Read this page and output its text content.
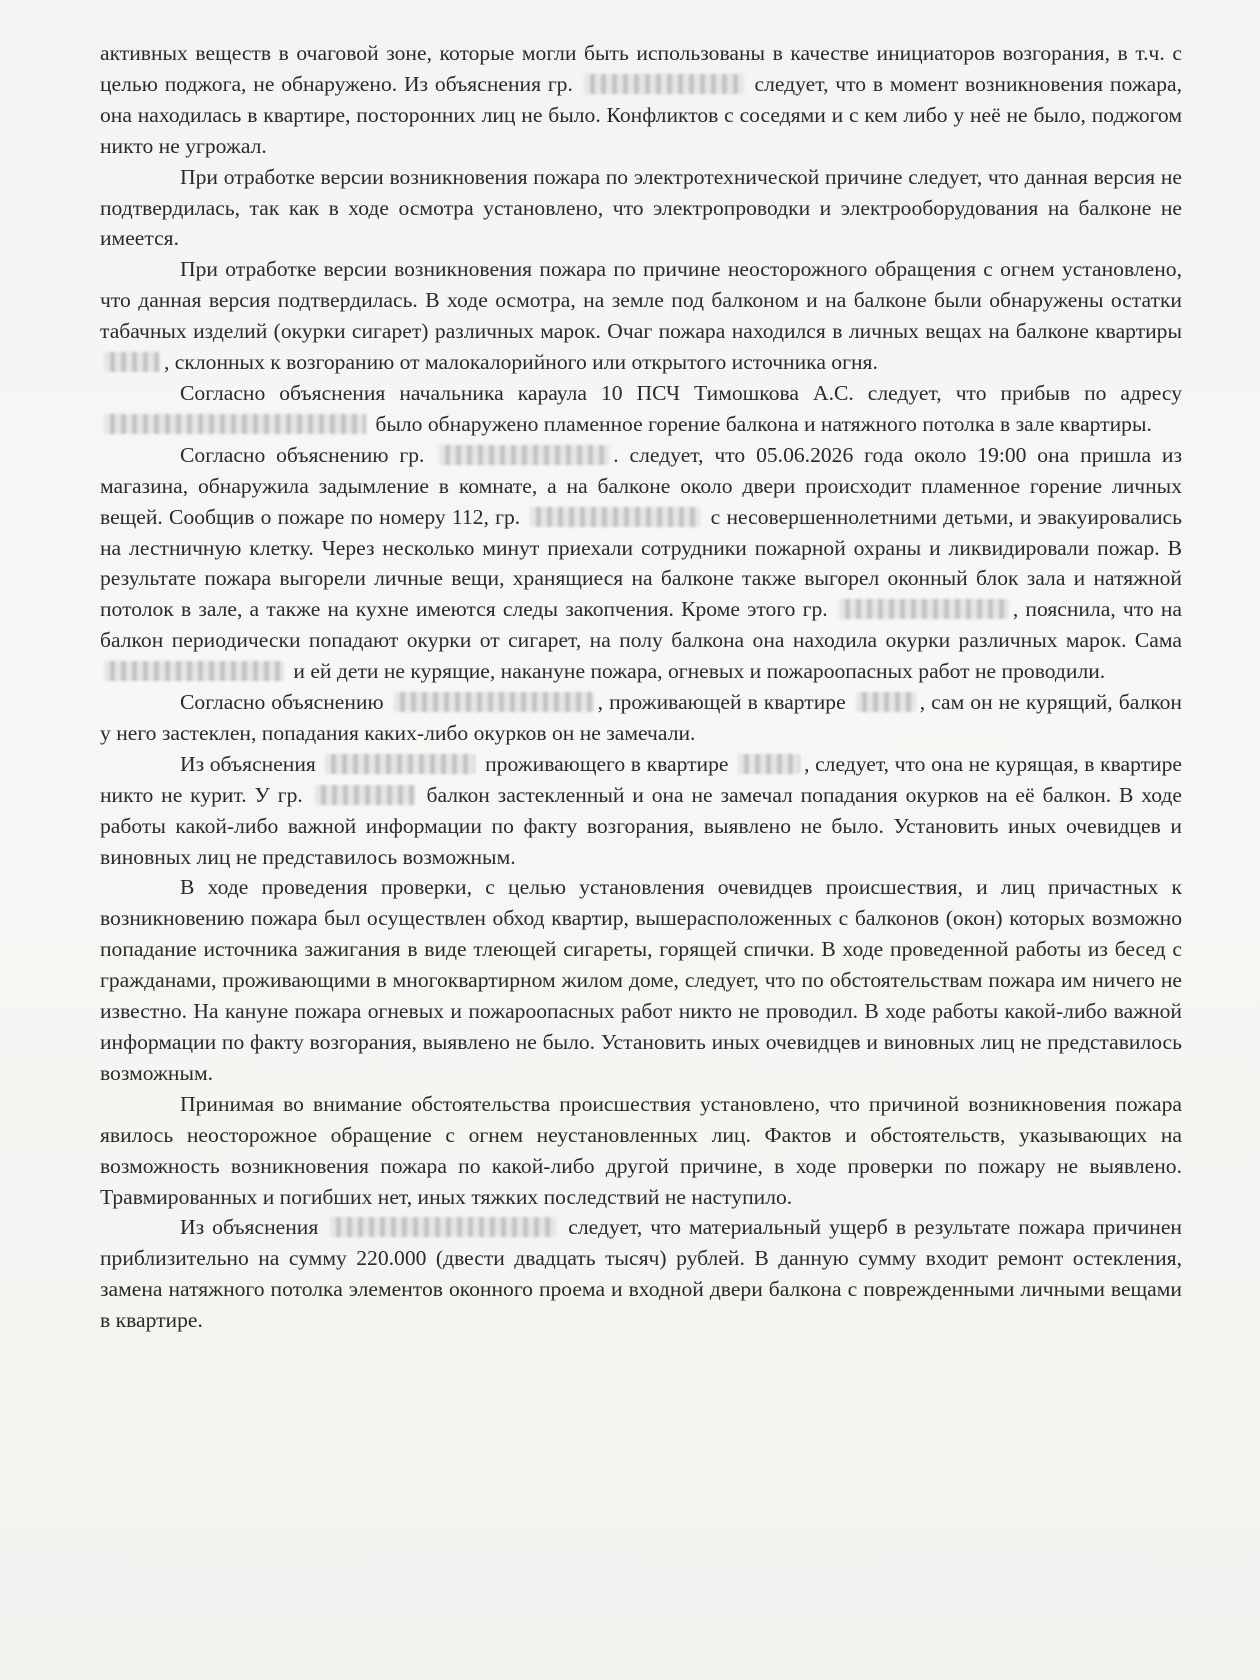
активных веществ в очаговой зоне, которые могли быть использованы в качестве инициаторов возгорания, в т.ч. с целью поджога, не обнаружено. Из объяснения гр.	следует, что в момент возникновения пожара, она находилась в квартире, посторонних лиц не было. Конфликтов с соседями и с кем либо у неё не было, поджогом никто не угрожал.

При отработке версии возникновения пожара по электротехнической причине следует, что данная версия не подтвердилась, так как в ходе осмотра установлено, что электропроводки и электрооборудования на балконе не имеется.

При отработке версии возникновения пожара по причине неосторожного обращения с огнем установлено, что данная версия подтвердилась. В ходе осмотра, на земле под балконом и на балконе были обнаружены остатки табачных изделий (окурки сигарет) различных марок. Очаг пожара находился в личных вещах на балконе квартиры , склонных к возгоранию от малокалорийного или открытого источника огня.

Согласно объяснения начальника караула 10 ПСЧ Тимошкова А.С. следует, что прибыв по адресу  было обнаружено пламенное горение балкона и натяжного потолка в зале квартиры.

Согласно объяснению гр.	. следует, что 05.06.2026 года около 19:00 она пришла из магазина, обнаружила задымление в комнате, а на балконе около двери происходит пламенное горение личных вещей. Сообщив о пожаре по номеру 112, гр.	с несовершеннолетними детьми, и эвакуировались на лестничную клетку. Через несколько минут приехали сотрудники пожарной охраны и ликвидировали пожар. В результате пожара выгорели личные вещи, хранящиеся на балконе также выгорел оконный блок зала и натяжной потолок в зале, а также на кухне имеются следы закопчения. Кроме этого гр.	, пояснила, что на балкон периодически попадают окурки от сигарет, на полу балкона она находила окурки различных марок. Сама  и ей дети не курящие, накануне пожара, огневых и пожароопасных работ не проводили.

Согласно объяснению	, проживающей в квартире	, сам он не курящий, балкон у него застеклен, попадания каких-либо окурков он не замечали.

Из объяснения	проживающего в квартире	, следует, что она не курящая, в квартире никто не курит. У гр.	балкон застекленный и она не замечал попадания окурков на её балкон. В ходе работы какой-либо важной информации по факту возгорания, выявлено не было. Установить иных очевидцев и виновных лиц не представилось возможным.

В ходе проведения проверки, с целью установления очевидцев происшествия, и лиц причастных к возникновению пожара был осуществлен обход квартир, вышерасположенных с балконов (окон) которых возможно попадание источника зажигания в виде тлеющей сигареты, горящей спички. В ходе проведенной работы из бесед с гражданами, проживающими в многоквартирном жилом доме, следует, что по обстоятельствам пожара им ничего не известно. На кануне пожара огневых и пожароопасных работ никто не проводил. В ходе работы какой-либо важной информации по факту возгорания, выявлено не было. Установить иных очевидцев и виновных лиц не представилось возможным.

Принимая во внимание обстоятельства происшествия установлено, что причиной возникновения пожара явилось неосторожное обращение с огнем неустановленных лиц. Фактов и обстоятельств, указывающих на возможность возникновения пожара по какой-либо другой причине, в ходе проверки по пожару не выявлено. Травмированных и погибших нет, иных тяжких последствий не наступило.

Из объяснения	следует, что материальный ущерб в результате пожара причинен приблизительно на сумму 220.000 (двести двадцать тысяч) рублей. В данную сумму входит ремонт остекления, замена натяжного потолка элементов оконного проема и входной двери балкона с поврежденными личными вещами в квартире.
